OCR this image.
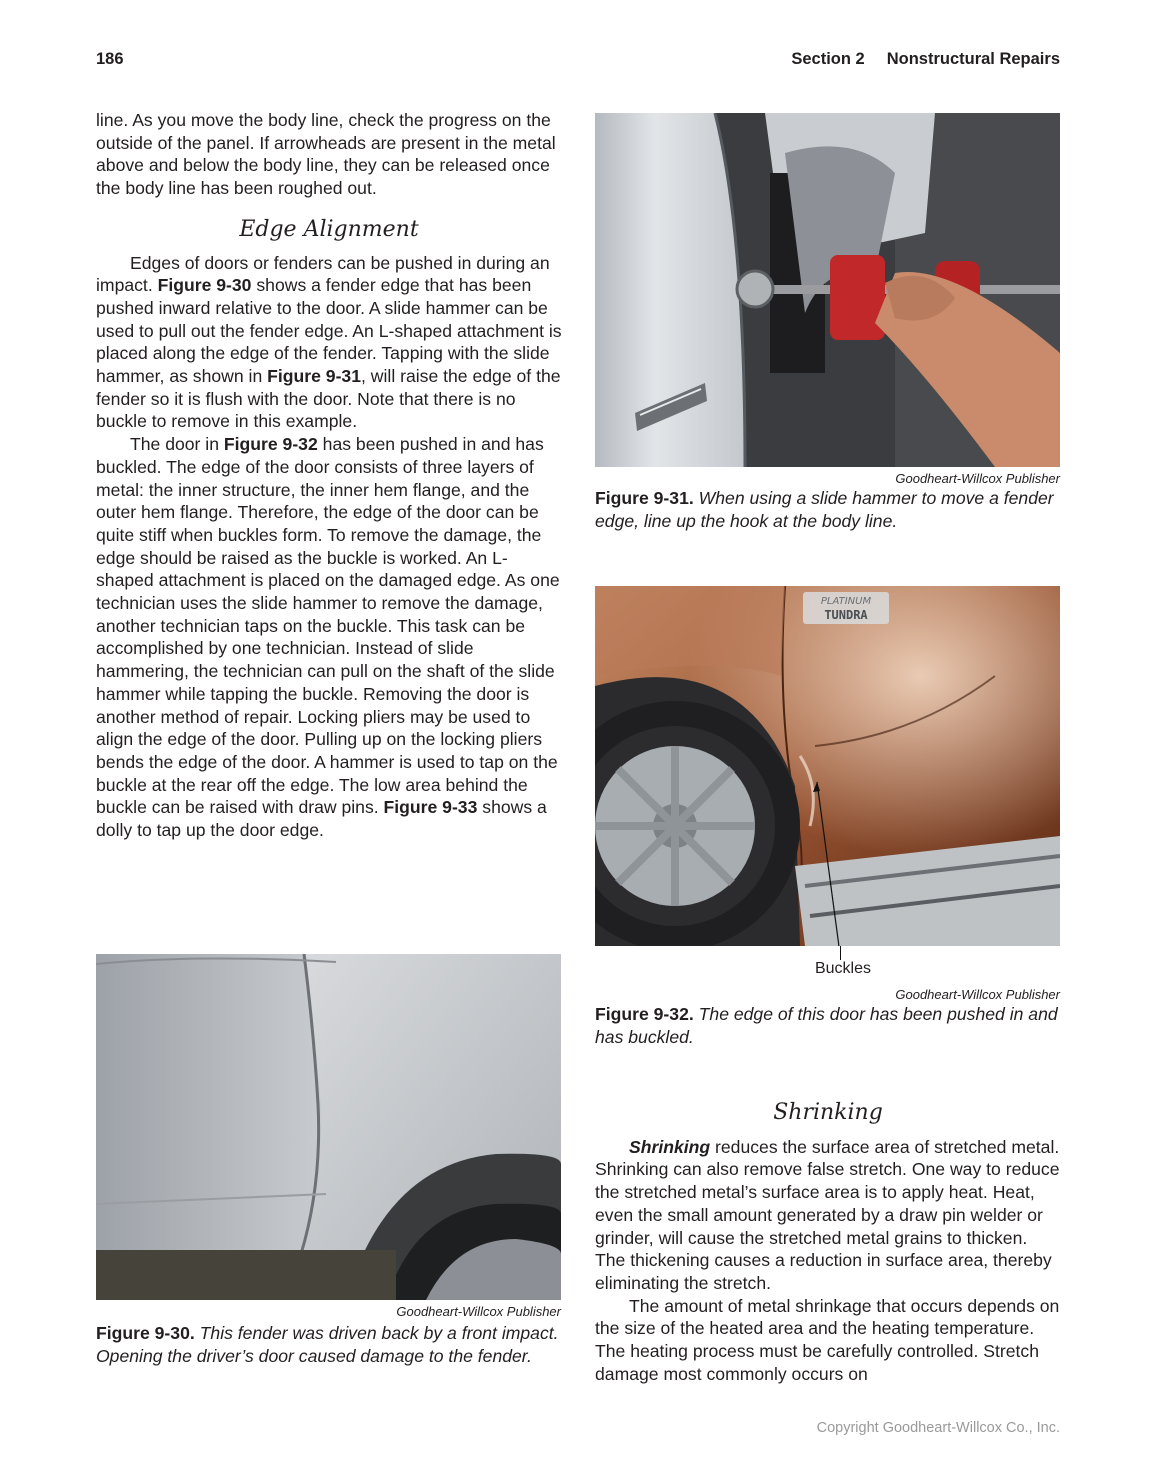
186	Section 2 Nonstructural Repairs

line. As you move the body line, check the progress on the outside of the panel. If arrowheads are present in the metal above and below the body line, they can be released once the body line has been roughed out.

Edge Alignment

Edges of doors or fenders can be pushed in during an impact. Figure 9-30 shows a fender edge that has been pushed inward relative to the door. A slide hammer can be used to pull out the fender edge. An L-shaped attachment is placed along the edge of the fender. Tapping with the slide hammer, as shown in Figure 9-31, will raise the edge of the fender so it is flush with the door. Note that there is no buckle to remove in this example.

The door in Figure 9-32 has been pushed in and has buckled. The edge of the door consists of three layers of metal: the inner structure, the inner hem flange, and the outer hem flange. Therefore, the edge of the door can be quite stiff when buckles form. To remove the damage, the edge should be raised as the buckle is worked. An L-shaped attachment is placed on the damaged edge. As one technician uses the slide hammer to remove the damage, another technician taps on the buckle. This task can be accomplished by one technician. Instead of slide hammering, the technician can pull on the shaft of the slide hammer while tapping the buckle. Removing the door is another method of repair. Locking pliers may be used to align the edge of the door. Pulling up on the locking pliers bends the edge of the door. A hammer is used to tap on the buckle at the rear off the edge. The low area behind the buckle can be raised with draw pins. Figure 9-33 shows a dolly to tap up the door edge.

Goodheart-Willcox Publisher
Figure 9-30. This fender was driven back by a front impact. Opening the driver’s door caused damage to the fender.
Goodheart-Willcox Publisher
Figure 9-31. When using a slide hammer to move a fender edge, line up the hook at the body line.
PLATINUM
TUNDRA
Buckles
Goodheart-Willcox Publisher
Figure 9-32. The edge of this door has been pushed in and has buckled.
Shrinking

Shrinking reduces the surface area of stretched metal. Shrinking can also remove false stretch. One way to reduce the stretched metal’s surface area is to apply heat. Heat, even the small amount generated by a draw pin welder or grinder, will cause the stretched metal grains to thicken. The thickening causes a reduction in surface area, thereby eliminating the stretch.

The amount of metal shrinkage that occurs depends on the size of the heated area and the heating temperature. The heating process must be carefully controlled. Stretch damage most commonly occurs on

Copyright Goodheart-Willcox Co., Inc.
